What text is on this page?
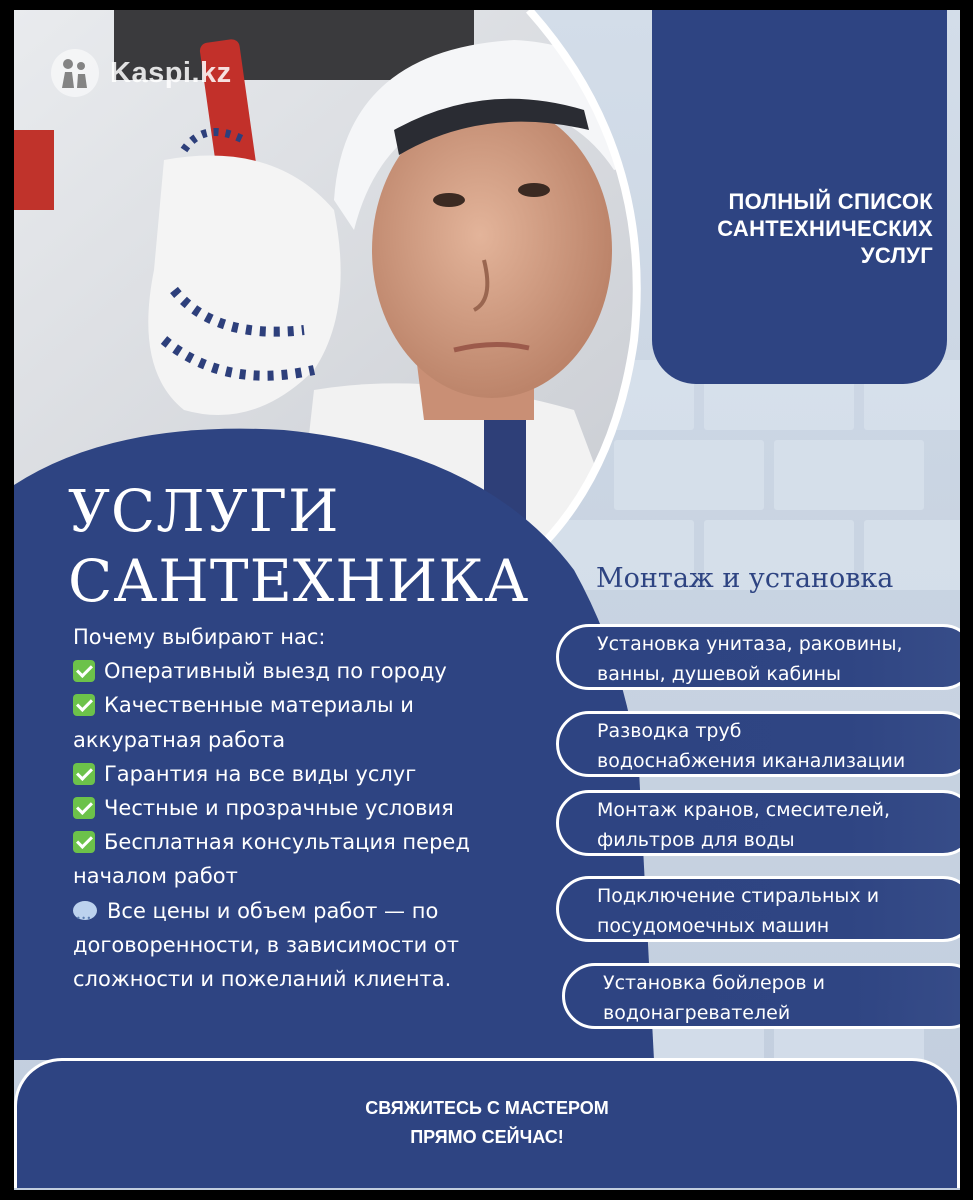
Kaspi.kz
ПОЛНЫЙ СПИСОК
САНТЕХНИЧЕСКИХ
УСЛУГ
УСЛУГИ
САНТЕХНИКА
Почему выбирают нас:
Оперативный выезд по городу
Качественные материалы и аккуратная работа
Гарантия на все виды услуг
Честные и прозрачные условия
Бесплатная консультация перед началом работ
• • •Все цены и объем работ — по договоренности, в зависимости от сложности и пожеланий клиента.
Монтаж и установка
Установка унитаза, раковины,
ванны, душевой кабины
Разводка труб
водоснабжения иканализации
Монтаж кранов, смесителей,
фильтров для воды
Подключение стиральных и
посудомоечных машин
Установка бойлеров и
водонагревателей
СВЯЖИТЕСЬ С МАСТЕРОМ
ПРЯМО СЕЙЧАС!
